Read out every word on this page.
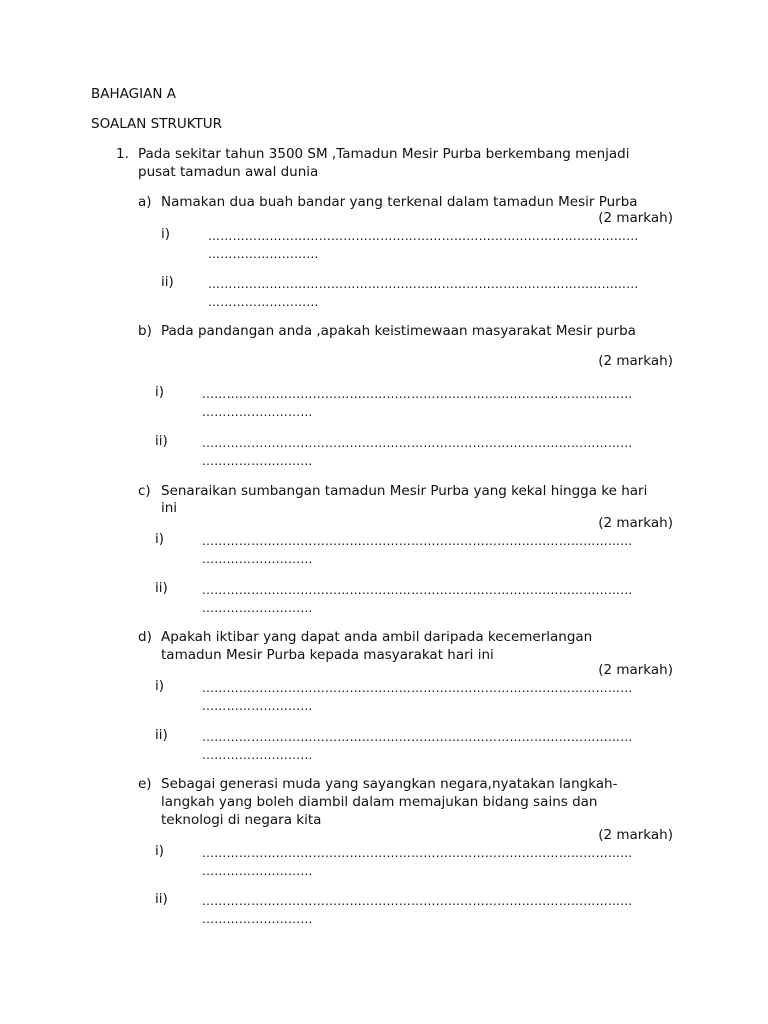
BAHAGIAN A
SOALAN STRUKTUR
1. Pada sekitar tahun 3500 SM ,Tamadun Mesir Purba berkembang menjadi
pusat tamadun awal dunia
a) Namakan dua buah bandar yang terkenal dalam tamadun Mesir Purba
(2 markah)
i)	……………………………………………………………………………………………
………………………
ii)	……………………………………………………………………………………………
………………………
b) Pada pandangan anda ,apakah keistimewaan masyarakat Mesir purba
(2 markah)
i)	……………………………………………………………………………………………
………………………
ii)	……………………………………………………………………………………………
………………………
c) Senaraikan sumbangan tamadun Mesir Purba yang kekal hingga ke hari
ini
(2 markah)
i)	……………………………………………………………………………………………
………………………
ii)	……………………………………………………………………………………………
………………………
d) Apakah iktibar yang dapat anda ambil daripada kecemerlangan
tamadun Mesir Purba kepada masyarakat hari ini
(2 markah)
i)	……………………………………………………………………………………………
………………………
ii)	……………………………………………………………………………………………
………………………
e) Sebagai generasi muda yang sayangkan negara,nyatakan langkah-
langkah yang boleh diambil dalam memajukan bidang sains dan
teknologi di negara kita
(2 markah)
i)	……………………………………………………………………………………………
………………………
ii)	……………………………………………………………………………………………
………………………
